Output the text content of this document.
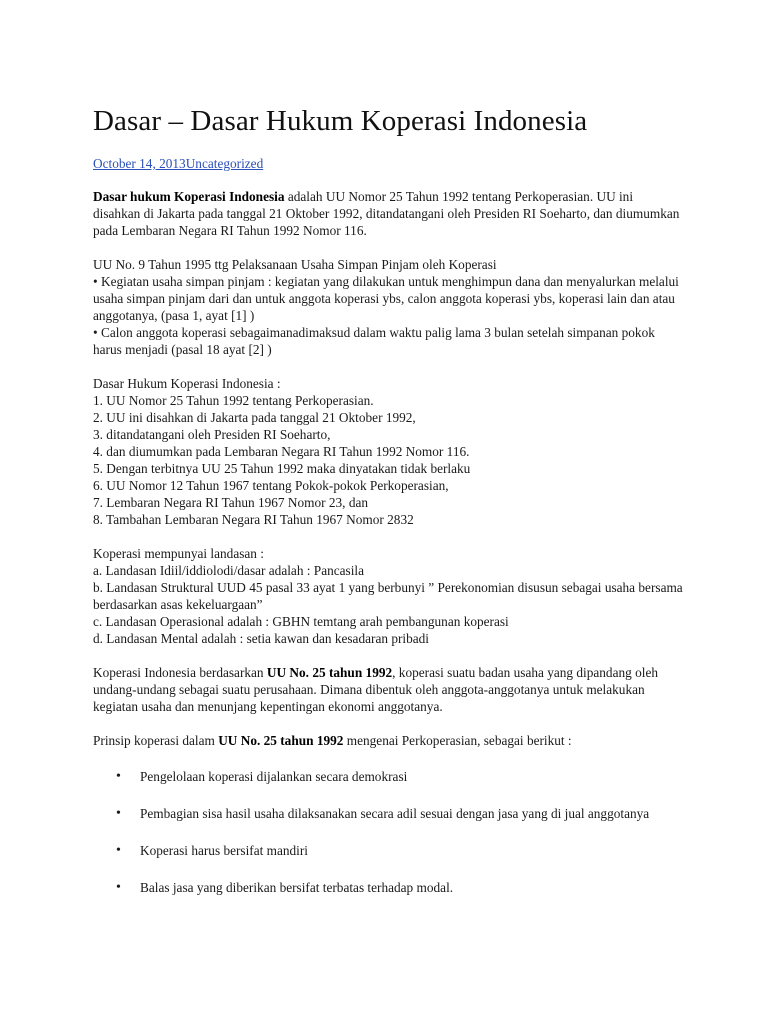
Dasar – Dasar Hukum Koperasi Indonesia
October 14, 2013Uncategorized

Dasar hukum Koperasi Indonesia adalah UU Nomor 25 Tahun 1992 tentang Perkoperasian. UU ini disahkan di Jakarta pada tanggal 21 Oktober 1992, ditandatangani oleh Presiden RI Soeharto, dan diumumkan pada Lembaran Negara RI Tahun 1992 Nomor 116.

UU No. 9 Tahun 1995 ttg Pelaksanaan Usaha Simpan Pinjam oleh Koperasi

• Kegiatan usaha simpan pinjam : kegiatan yang dilakukan untuk menghimpun dana dan menyalurkan melalui usaha simpan pinjam dari dan untuk anggota koperasi ybs, calon anggota koperasi ybs, koperasi lain dan atau anggotanya, (pasa 1, ayat [1] )

• Calon anggota koperasi sebagaimanadimaksud dalam waktu palig lama 3 bulan setelah simpanan pokok harus menjadi (pasal 18 ayat [2] )

Dasar Hukum Koperasi Indonesia :

1. UU Nomor 25 Tahun 1992 tentang Perkoperasian.

2. UU ini disahkan di Jakarta pada tanggal 21 Oktober 1992,

3. ditandatangani oleh Presiden RI Soeharto,

4. dan diumumkan pada Lembaran Negara RI Tahun 1992 Nomor 116.

5. Dengan terbitnya UU 25 Tahun 1992 maka dinyatakan tidak berlaku

6. UU Nomor 12 Tahun 1967 tentang Pokok-pokok Perkoperasian,

7. Lembaran Negara RI Tahun 1967 Nomor 23, dan

8. Tambahan Lembaran Negara RI Tahun 1967 Nomor 2832

Koperasi mempunyai landasan :

a. Landasan Idiil/iddiolodi/dasar adalah : Pancasila

b. Landasan Struktural UUD 45 pasal 33 ayat 1 yang berbunyi ” Perekonomian disusun sebagai usaha bersama berdasarkan asas kekeluargaan”

c. Landasan Operasional adalah : GBHN temtang arah pembangunan koperasi

d. Landasan Mental adalah : setia kawan dan kesadaran pribadi

Koperasi Indonesia berdasarkan UU No. 25 tahun 1992, koperasi suatu badan usaha yang dipandang oleh undang-undang sebagai suatu perusahaan. Dimana dibentuk oleh anggota-anggotanya untuk melakukan kegiatan usaha dan menunjang kepentingan ekonomi anggotanya.

Prinsip koperasi dalam UU No. 25 tahun 1992 mengenai Perkoperasian, sebagai berikut :

• Pengelolaan koperasi dijalankan secara demokrasi
• Pembagian sisa hasil usaha dilaksanakan secara adil sesuai dengan jasa yang di jual anggotanya
• Koperasi harus bersifat mandiri
• Balas jasa yang diberikan bersifat terbatas terhadap modal.
